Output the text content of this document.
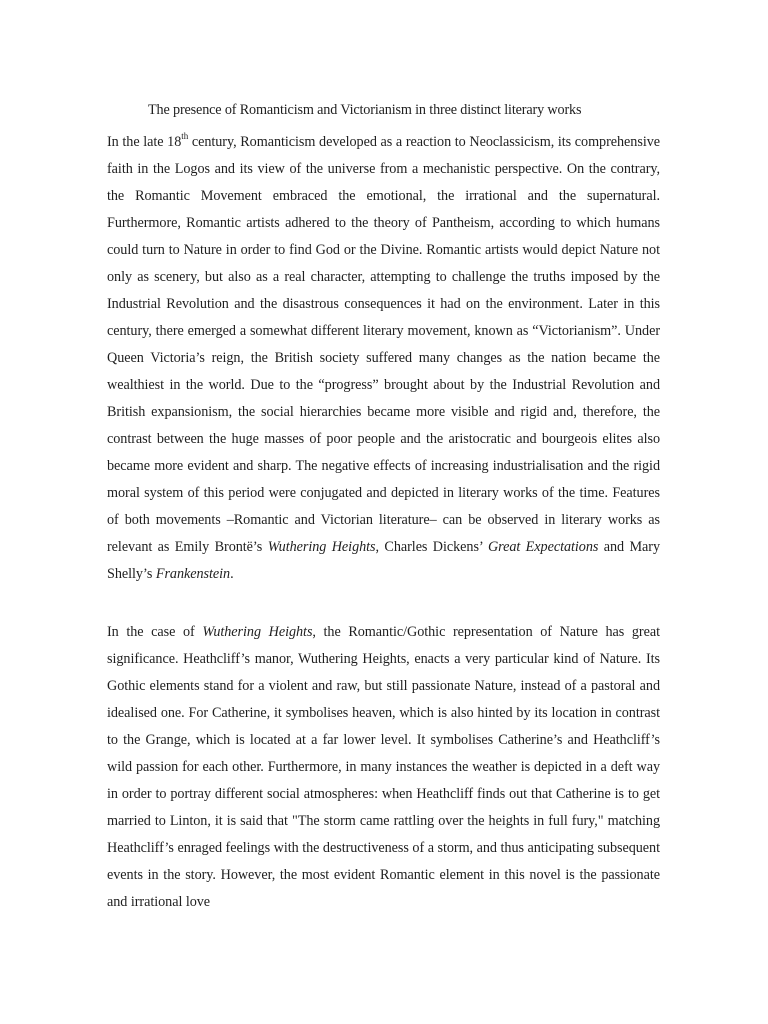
The presence of Romanticism and Victorianism in three distinct literary works

In the late 18th century, Romanticism developed as a reaction to Neoclassicism, its comprehensive faith in the Logos and its view of the universe from a mechanistic perspective. On the contrary, the Romantic Movement embraced the emotional, the irrational and the supernatural. Furthermore, Romantic artists adhered to the theory of Pantheism, according to which humans could turn to Nature in order to find God or the Divine. Romantic artists would depict Nature not only as scenery, but also as a real character, attempting to challenge the truths imposed by the Industrial Revolution and the disastrous consequences it had on the environment. Later in this century, there emerged a somewhat different literary movement, known as “Victorianism”. Under Queen Victoria’s reign, the British society suffered many changes as the nation became the wealthiest in the world. Due to the “progress” brought about by the Industrial Revolution and British expansionism, the social hierarchies became more visible and rigid and, therefore, the contrast between the huge masses of poor people and the aristocratic and bourgeois elites also became more evident and sharp. The negative effects of increasing industrialisation and the rigid moral system of this period were conjugated and depicted in literary works of the time. Features of both movements –Romantic and Victorian literature– can be observed in literary works as relevant as Emily Brontë’s Wuthering Heights, Charles Dickens’ Great Expectations and Mary Shelly’s Frankenstein.

In the case of Wuthering Heights, the Romantic/Gothic representation of Nature has great significance. Heathcliff’s manor, Wuthering Heights, enacts a very particular kind of Nature. Its Gothic elements stand for a violent and raw, but still passionate Nature, instead of a pastoral and idealised one. For Catherine, it symbolises heaven, which is also hinted by its location in contrast to the Grange, which is located at a far lower level. It symbolises Catherine’s and Heathcliff’s wild passion for each other. Furthermore, in many instances the weather is depicted in a deft way in order to portray different social atmospheres: when Heathcliff finds out that Catherine is to get married to Linton, it is said that "The storm came rattling over the heights in full fury," matching Heathcliff’s enraged feelings with the destructiveness of a storm, and thus anticipating subsequent events in the story. However, the most evident Romantic element in this novel is the passionate and irrational love
